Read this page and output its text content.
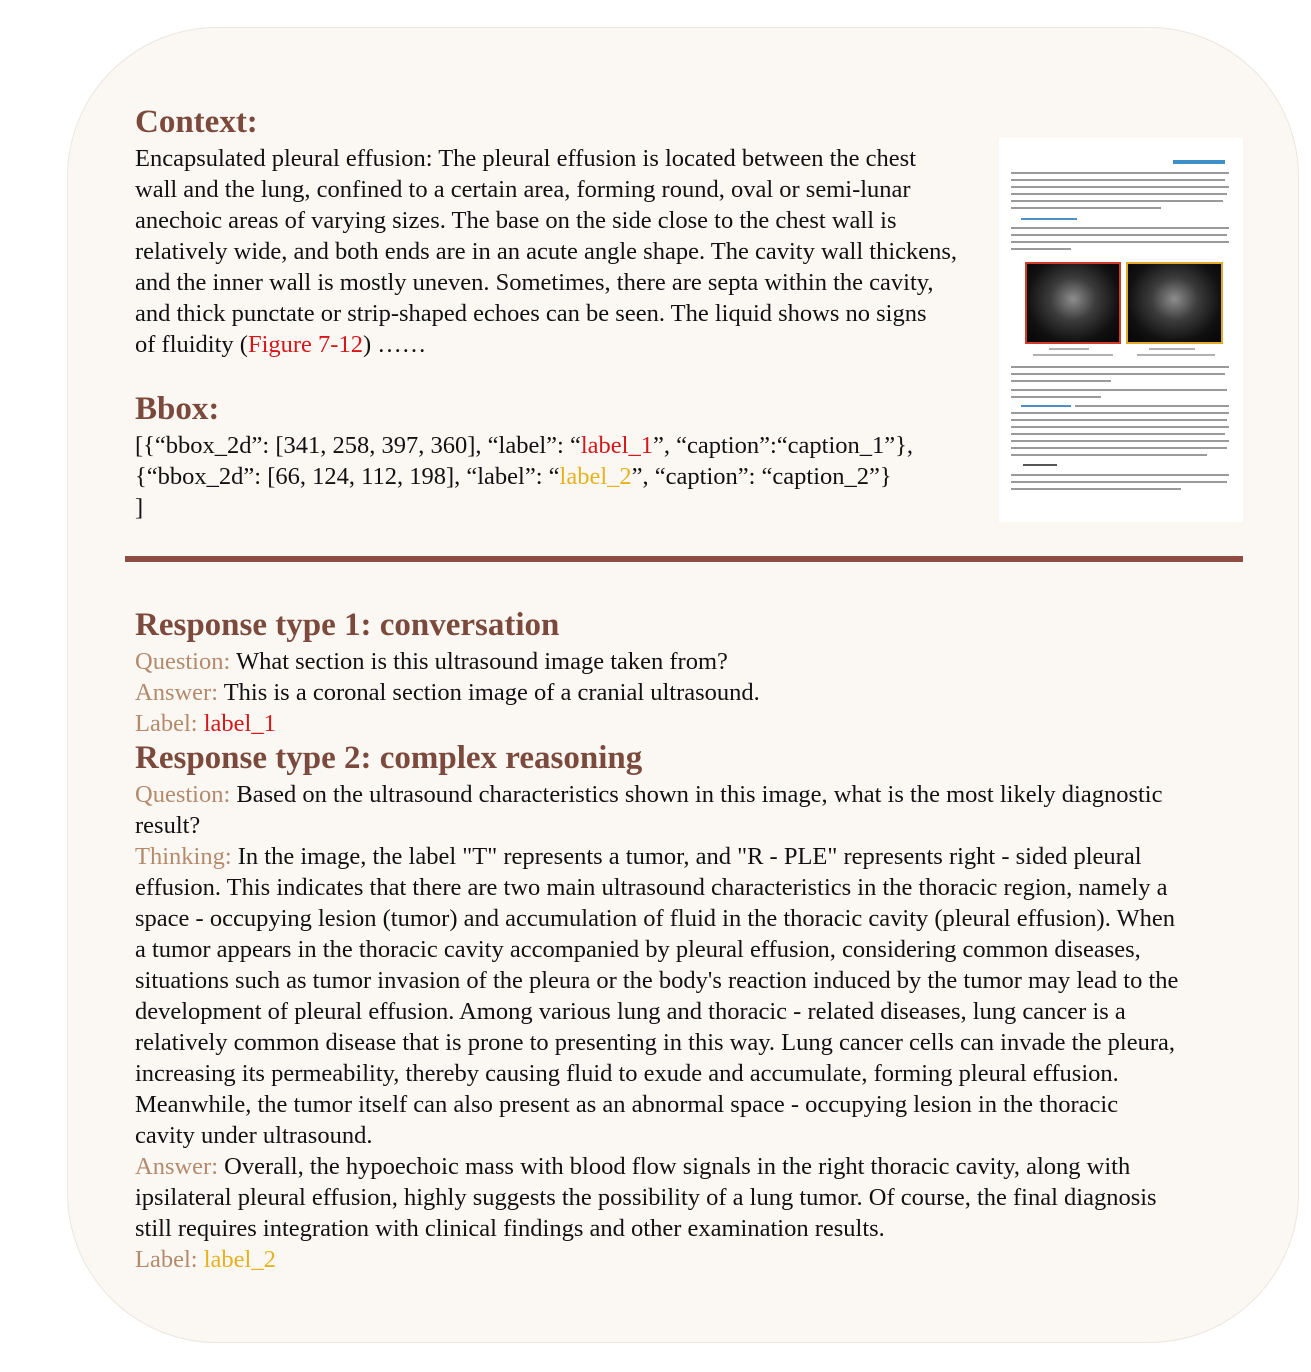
Context:
Encapsulated pleural effusion: The pleural effusion is located between the chest
wall and the lung, confined to a certain area, forming round, oval or semi-lunar
anechoic areas of varying sizes. The base on the side close to the chest wall is
relatively wide, and both ends are in an acute angle shape. The cavity wall thickens,
and the inner wall is mostly uneven. Sometimes, there are septa within the cavity,
and thick punctate or strip-shaped echoes can be seen. The liquid shows no signs
of fluidity (Figure 7-12) ……
Bbox:
[{“bbox_2d”: [341, 258, 397, 360], “label”: “label_1”, “caption”:“caption_1”},
{“bbox_2d”: [66, 124, 112, 198], “label”: “label_2”, “caption”: “caption_2”}
]
Response type 1: conversation
Question: What section is this ultrasound image taken from?
Answer: This is a coronal section image of a cranial ultrasound.
Label: label_1
Response type 2: complex reasoning
Question: Based on the ultrasound characteristics shown in this image, what is the most likely diagnostic
result?
Thinking: In the image, the label "T" represents a tumor, and "R - PLE" represents right - sided pleural
effusion. This indicates that there are two main ultrasound characteristics in the thoracic region, namely a
space - occupying lesion (tumor) and accumulation of fluid in the thoracic cavity (pleural effusion). When
a tumor appears in the thoracic cavity accompanied by pleural effusion, considering common diseases,
situations such as tumor invasion of the pleura or the body's reaction induced by the tumor may lead to the
development of pleural effusion. Among various lung and thoracic - related diseases, lung cancer is a
relatively common disease that is prone to presenting in this way. Lung cancer cells can invade the pleura,
increasing its permeability, thereby causing fluid to exude and accumulate, forming pleural effusion.
Meanwhile, the tumor itself can also present as an abnormal space - occupying lesion in the thoracic
cavity under ultrasound.
Answer: Overall, the hypoechoic mass with blood flow signals in the right thoracic cavity, along with
ipsilateral pleural effusion, highly suggests the possibility of a lung tumor. Of course, the final diagnosis
still requires integration with clinical findings and other examination results.
Label: label_2
